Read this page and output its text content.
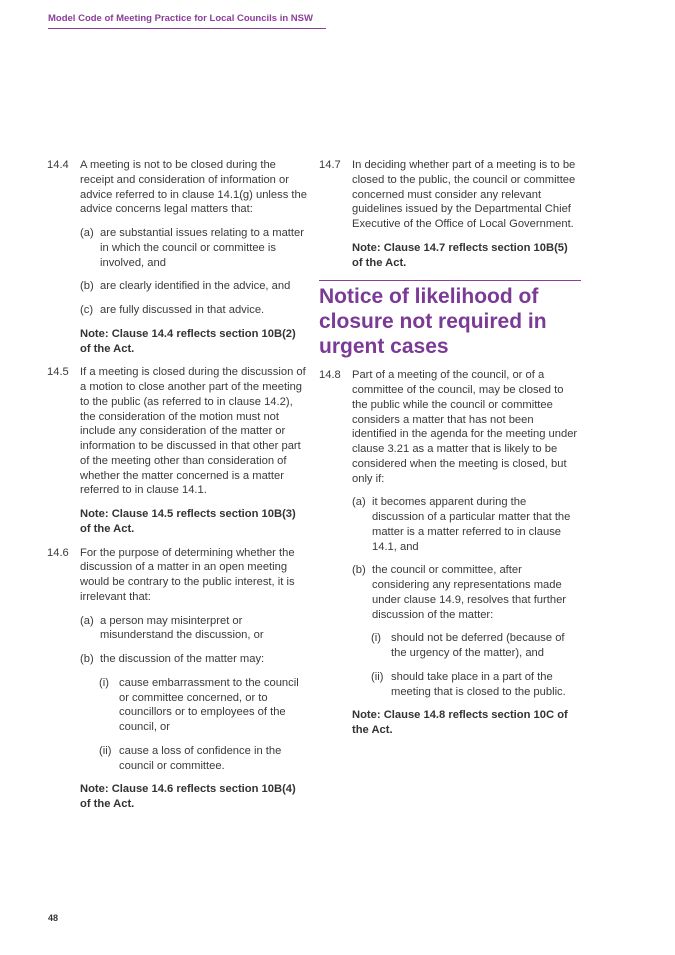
Model Code of Meeting Practice for Local Councils in NSW
14.4 A meeting is not to be closed during the receipt and consideration of information or advice referred to in clause 14.1(g) unless the advice concerns legal matters that:

(a) are substantial issues relating to a matter in which the council or committee is involved, and
(b) are clearly identified in the advice, and
(c) are fully discussed in that advice.
Note: Clause 14.4 reflects section 10B(2) of the Act.
14.5 If a meeting is closed during the discussion of a motion to close another part of the meeting to the public (as referred to in clause 14.2), the consideration of the motion must not include any consideration of the matter or information to be discussed in that other part of the meeting other than consideration of whether the matter concerned is a matter referred to in clause 14.1.

Note: Clause 14.5 reflects section 10B(3) of the Act.
14.6 For the purpose of determining whether the discussion of a matter in an open meeting would be contrary to the public interest, it is irrelevant that:

(a) a person may misinterpret or misunderstand the discussion, or
(b) the discussion of the matter may:
(i) cause embarrassment to the council or committee concerned, or to councillors or to employees of the council, or
(ii) cause a loss of confidence in the council or committee.
Note: Clause 14.6 reflects section 10B(4) of the Act.
14.7 In deciding whether part of a meeting is to be closed to the public, the council or committee concerned must consider any relevant guidelines issued by the Departmental Chief Executive of the Office of Local Government.

Note: Clause 14.7 reflects section 10B(5) of the Act.
Notice of likelihood of closure not required in urgent cases
14.8 Part of a meeting of the council, or of a committee of the council, may be closed to the public while the council or committee considers a matter that has not been identified in the agenda for the meeting under clause 3.21 as a matter that is likely to be considered when the meeting is closed, but only if:

(a) it becomes apparent during the discussion of a particular matter that the matter is a matter referred to in clause 14.1, and
(b) the council or committee, after considering any representations made under clause 14.9, resolves that further discussion of the matter:
(i) should not be deferred (because of the urgency of the matter), and
(ii) should take place in a part of the meeting that is closed to the public.
Note: Clause 14.8 reflects section 10C of the Act.
48
